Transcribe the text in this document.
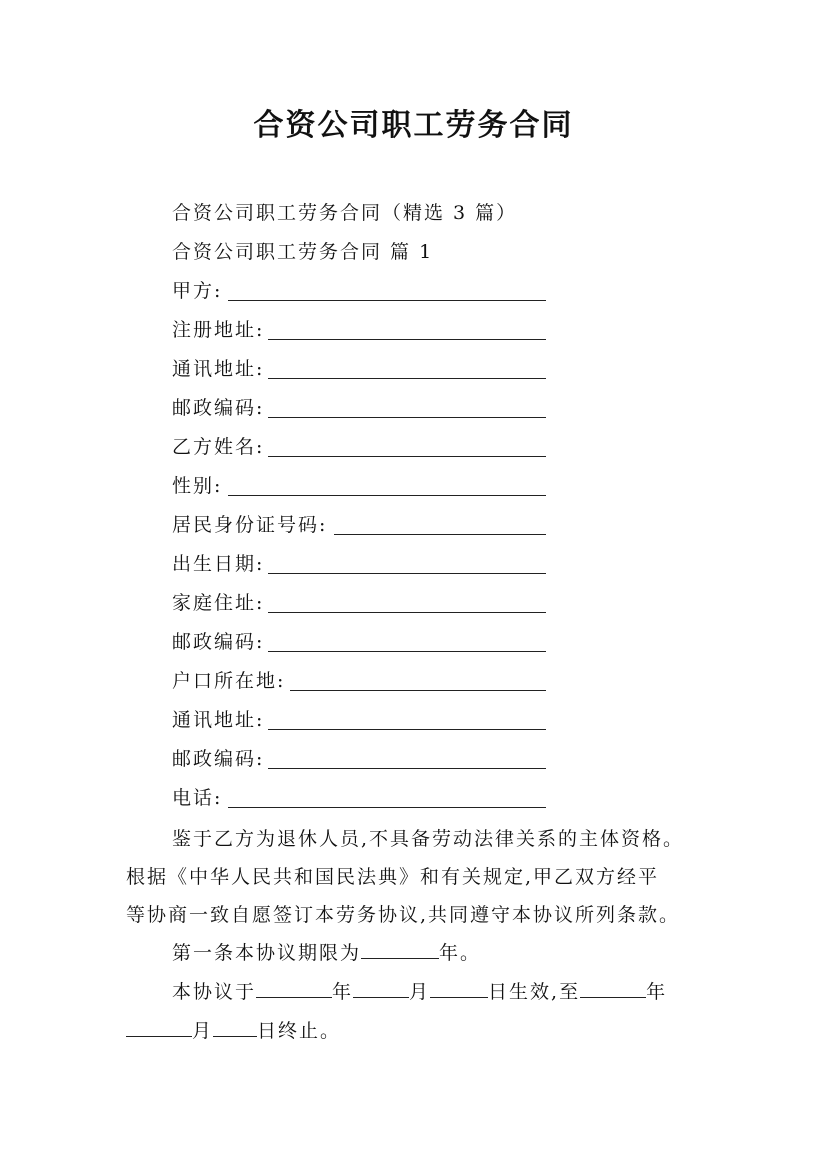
合资公司职工劳务合同
合资公司职工劳务合同（精选 3 篇）
合资公司职工劳务合同 篇 1
甲方:
注册地址:
通讯地址:
邮政编码:
乙方姓名:
性别:
居民身份证号码:
出生日期:
家庭住址:
邮政编码:
户口所在地:
通讯地址:
邮政编码:
电话:
鉴于乙方为退休人员,不具备劳动法律关系的主体资格。
根据《中华人民共和国民法典》和有关规定,甲乙双方经平
等协商一致自愿签订本劳务协议,共同遵守本协议所列条款。
第一条本协议期限为	年。
本协议于	年	月	日生效,至	年
月 日终止。
